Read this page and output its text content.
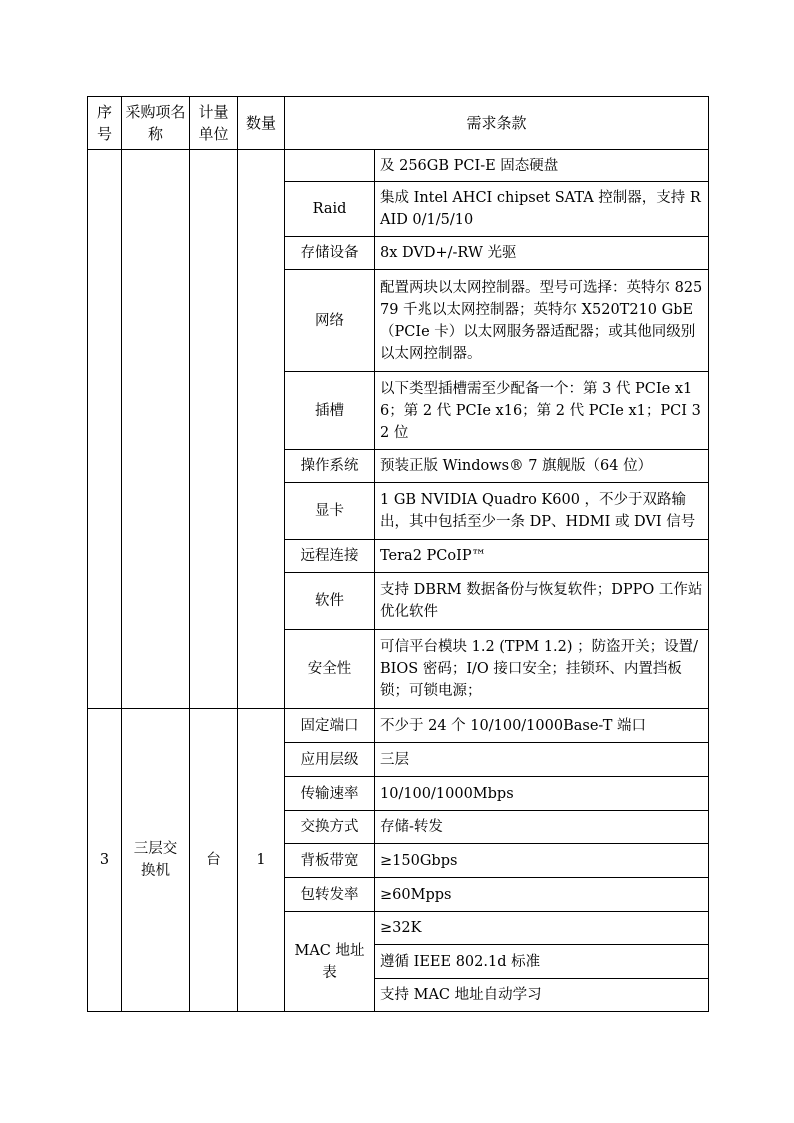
序号	采购项名称	计量单位	数量	需求条款	
					及 256GB PCI-E 固态硬盘
				Raid	集成 Intel AHCI chipset SATA 控制器，支持 RAID 0/1/5/10
				存储设备	8x DVD+/-RW 光驱
				网络	配置两块以太网控制器。型号可选择：英特尔 82579 千兆以太网控制器；英特尔 X520T210 GbE（PCIe 卡）以太网服务器适配器；或其他同级别以太网控制器。
				插槽	以下类型插槽需至少配备一个：第 3 代 PCIe x16；第 2 代 PCIe x16；第 2 代 PCIe x1；PCI 32 位
				操作系统	预装正版 Windows® 7 旗舰版（64 位）
				显卡	1 GB NVIDIA Quadro K600 ，不少于双路输出，其中包括至少一条 DP、HDMI 或 DVI 信号
				远程连接	Tera2 PCoIP™
				软件	支持 DBRM 数据备份与恢复软件；DPPO 工作站优化软件
				安全性	可信平台模块 1.2 (TPM 1.2) ；防盗开关；设置/BIOS 密码；I/O 接口安全；挂锁环、内置挡板锁；可锁电源；
3	三层交换机	台	1	固定端口	不少于 24 个 10/100/1000Base-T 端口
				应用层级	三层
				传输速率	10/100/1000Mbps
				交换方式	存储-转发
				背板带宽	≥150Gbps
				包转发率	≥60Mpps
				MAC 地址表	≥32K
					遵循 IEEE 802.1d 标准
					支持 MAC 地址自动学习
